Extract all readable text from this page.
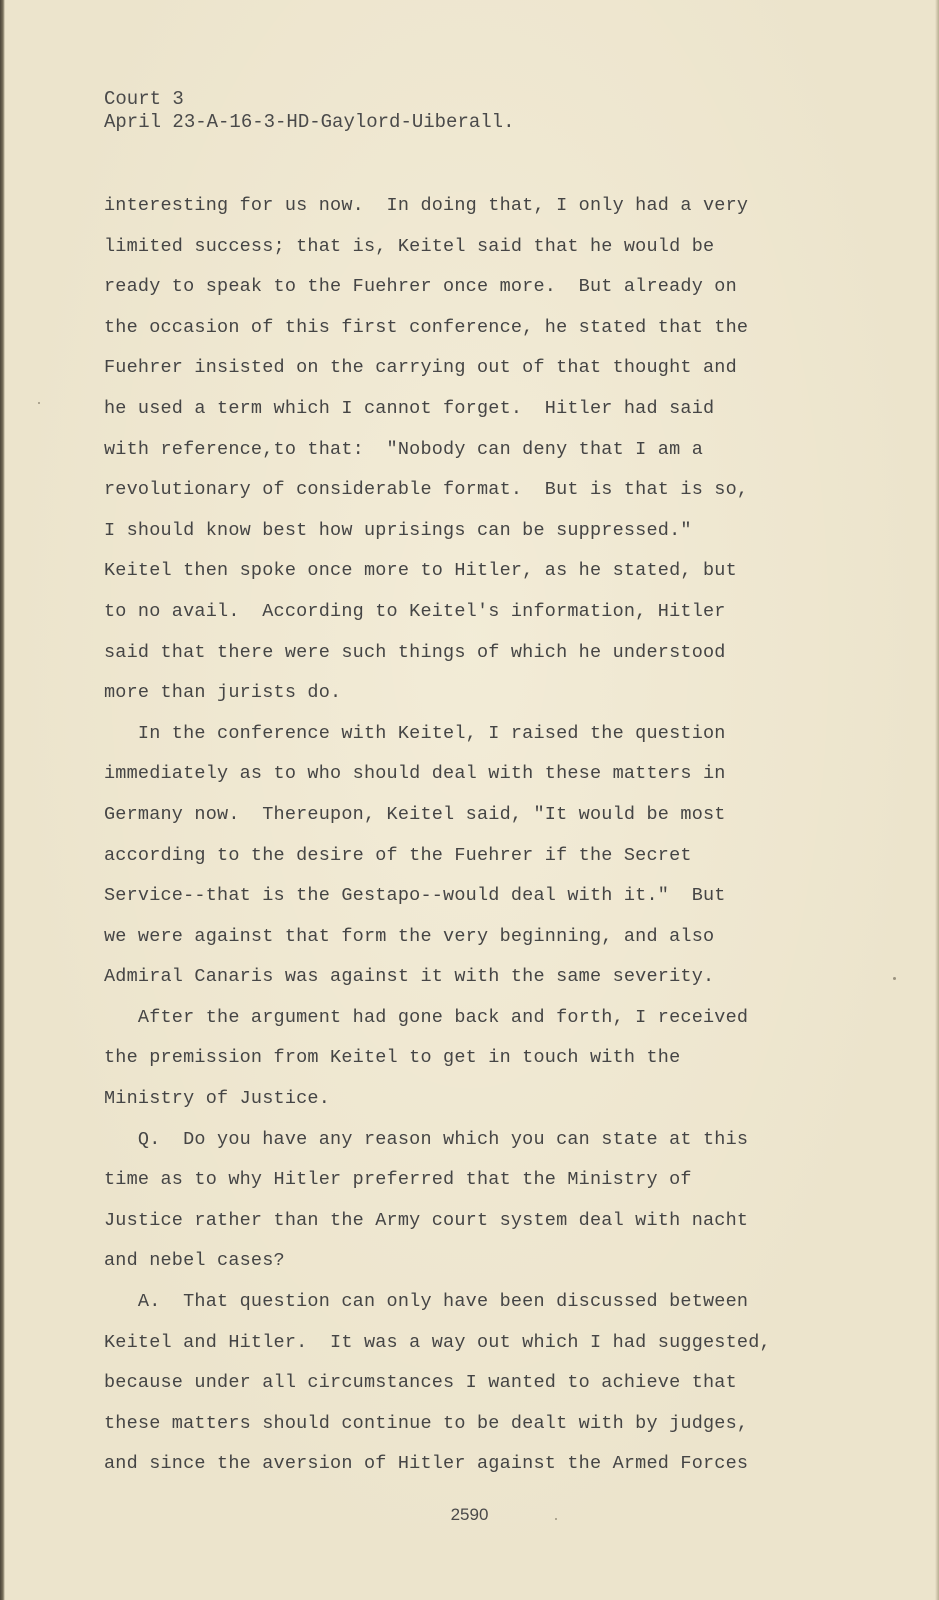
Court 3
April 23-A-16-3-HD-Gaylord-Uiberall.
interesting for us now.  In doing that, I only had a very
limited success; that is, Keitel said that he would be
ready to speak to the Fuehrer once more.  But already on
the occasion of this first conference, he stated that the
Fuehrer insisted on the carrying out of that thought and
he used a term which I cannot forget.  Hitler had said
with reference,to that:  "Nobody can deny that I am a
revolutionary of considerable format.  But is that is so,
I should know best how uprisings can be suppressed."
Keitel then spoke once more to Hitler, as he stated, but
to no avail.  According to Keitel's information, Hitler
said that there were such things of which he understood
more than jurists do.
In the conference with Keitel, I raised the question
immediately as to who should deal with these matters in
Germany now.  Thereupon, Keitel said, "It would be most
according to the desire of the Fuehrer if the Secret
Service--that is the Gestapo--would deal with it."  But
we were against that form the very beginning, and also
Admiral Canaris was against it with the same severity.
After the argument had gone back and forth, I received
the premission from Keitel to get in touch with the
Ministry of Justice.
Q.  Do you have any reason which you can state at this
time as to why Hitler preferred that the Ministry of
Justice rather than the Army court system deal with nacht
and nebel cases?
A.  That question can only have been discussed between
Keitel and Hitler.  It was a way out which I had suggested,
because under all circumstances I wanted to achieve that
these matters should continue to be dealt with by judges,
and since the aversion of Hitler against the Armed Forces
2590
